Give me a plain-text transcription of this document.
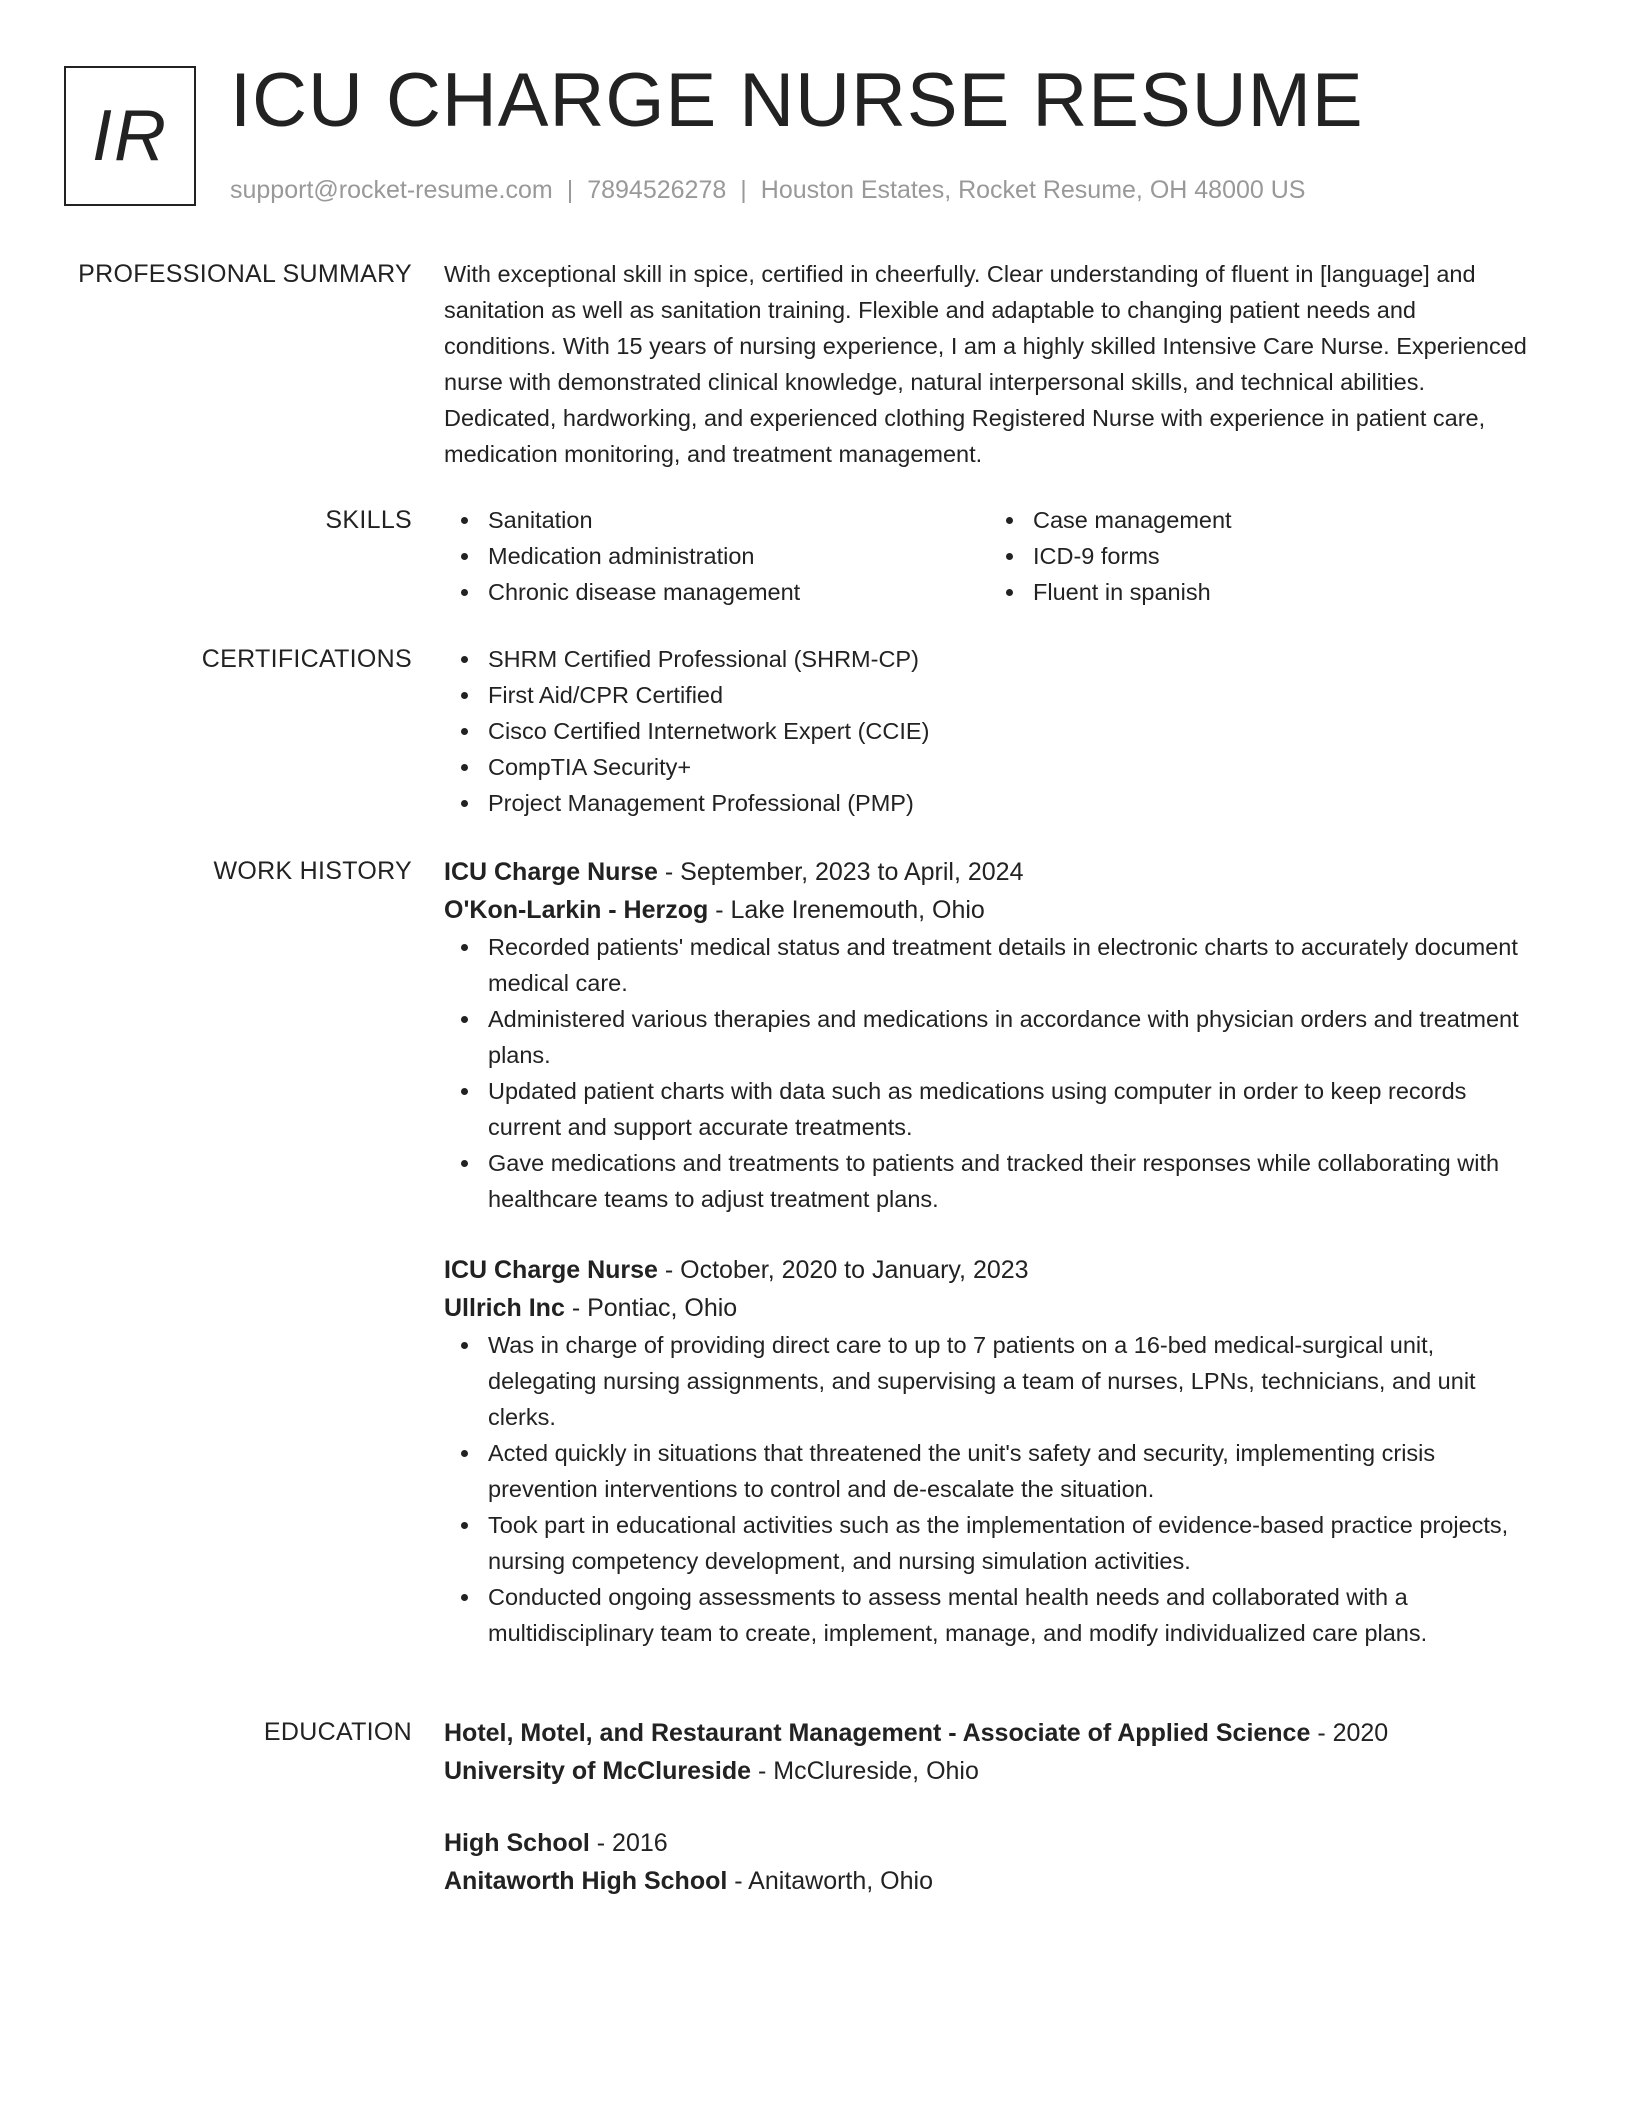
IR ICU CHARGE NURSE RESUME
support@rocket-resume.com | 7894526278 | Houston Estates, Rocket Resume, OH 48000 US
PROFESSIONAL SUMMARY With exceptional skill in spice, certified in cheerfully. Clear understanding of fluent in [language] and sanitation as well as sanitation training. Flexible and adaptable to changing patient needs and conditions. With 15 years of nursing experience, I am a highly skilled Intensive Care Nurse. Experienced nurse with demonstrated clinical knowledge, natural interpersonal skills, and technical abilities. Dedicated, hardworking, and experienced clothing Registered Nurse with experience in patient care, medication monitoring, and treatment management.

SKILLS	Sanitation
Medication administration
Chronic disease management
Case management
ICD-9 forms
Fluent in spanish
CERTIFICATIONS	SHRM Certified Professional (SHRM-CP)
First Aid/CPR Certified
Cisco Certified Internetwork Expert (CCIE)
CompTIA Security+
Project Management Professional (PMP)
WORK HISTORY ICU Charge Nurse - September, 2023 to April, 2024
O'Kon-Larkin - Herzog - Lake Irenemouth, Ohio
Recorded patients' medical status and treatment details in electronic charts to accurately document medical care.
Administered various therapies and medications in accordance with physician orders and treatment plans.
Updated patient charts with data such as medications using computer in order to keep records current and support accurate treatments.
Gave medications and treatments to patients and tracked their responses while collaborating with healthcare teams to adjust treatment plans.
ICU Charge Nurse - October, 2020 to January, 2023
Ullrich Inc - Pontiac, Ohio
Was in charge of providing direct care to up to 7 patients on a 16-bed medical-surgical unit, delegating nursing assignments, and supervising a team of nurses, LPNs, technicians, and unit clerks.
Acted quickly in situations that threatened the unit's safety and security, implementing crisis prevention interventions to control and de-escalate the situation.
Took part in educational activities such as the implementation of evidence-based practice projects, nursing competency development, and nursing simulation activities.
Conducted ongoing assessments to assess mental health needs and collaborated with a multidisciplinary team to create, implement, manage, and modify individualized care plans.
EDUCATION Hotel, Motel, and Restaurant Management - Associate of Applied Science - 2020
University of McClureside - McClureside, Ohio
High School - 2016
Anitaworth High School - Anitaworth, Ohio
